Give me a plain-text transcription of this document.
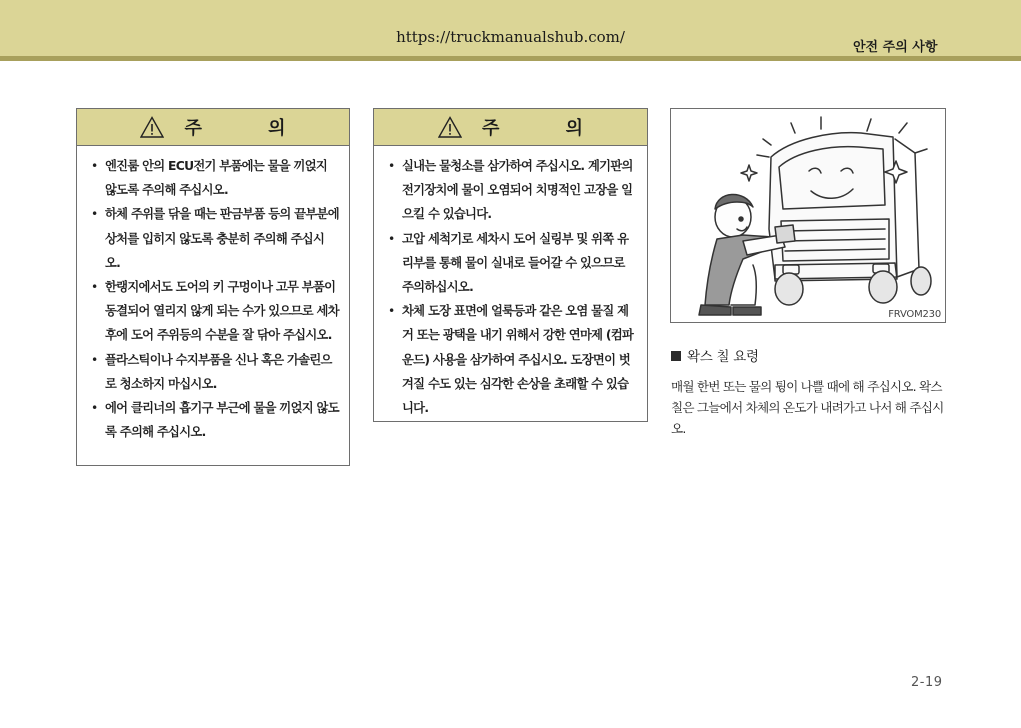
https://truckmanualshub.com/
안전 주의 사항
주 의
• 엔진룸 안의 ECU전기 부품에는 물을 끼얹지 않도록 주의해 주십시오.
• 하체 주위를 닦을 때는 판금부품 등의 끝부분에 상처를 입히지 않도록 충분히 주의해 주십시오.
• 한랭지에서도 도어의 키 구멍이나 고무 부품이 동결되어 열리지 않게 되는 수가 있으므로 세차후에 도어 주위등의 수분을 잘 닦아 주십시오.
• 플라스틱이나 수지부품을 신나 혹은 가솔린으로 청소하지 마십시오.
• 에어 클리너의 흡기구 부근에 물을 끼얹지 않도록 주의해 주십시오.
주 의
• 실내는 물청소를 삼가하여 주십시오. 계기판의 전기장치에 물이 오염되어 치명적인 고장을 일으킬 수 있습니다.
• 고압 세척기로 세차시 도어 실링부 및 위쪽 유리부를 통해 물이 실내로 들어갈 수 있으므로 주의하십시오.
• 차체 도장 표면에 얼룩등과 같은 오염 물질 제거 또는 광택을 내기 위해서 강한 연마제 (컴파운드) 사용을 삼가하여 주십시오. 도장면이 벗겨질 수도 있는 심각한 손상을 초래할 수 있습니다.
FRVOM230
왁스 칠 요령
매월 한번 또는 물의 튕이 나쁠 때에 해 주십시오. 왁스칠은 그늘에서 차체의 온도가 내려가고 나서 해 주십시오.
2-19
